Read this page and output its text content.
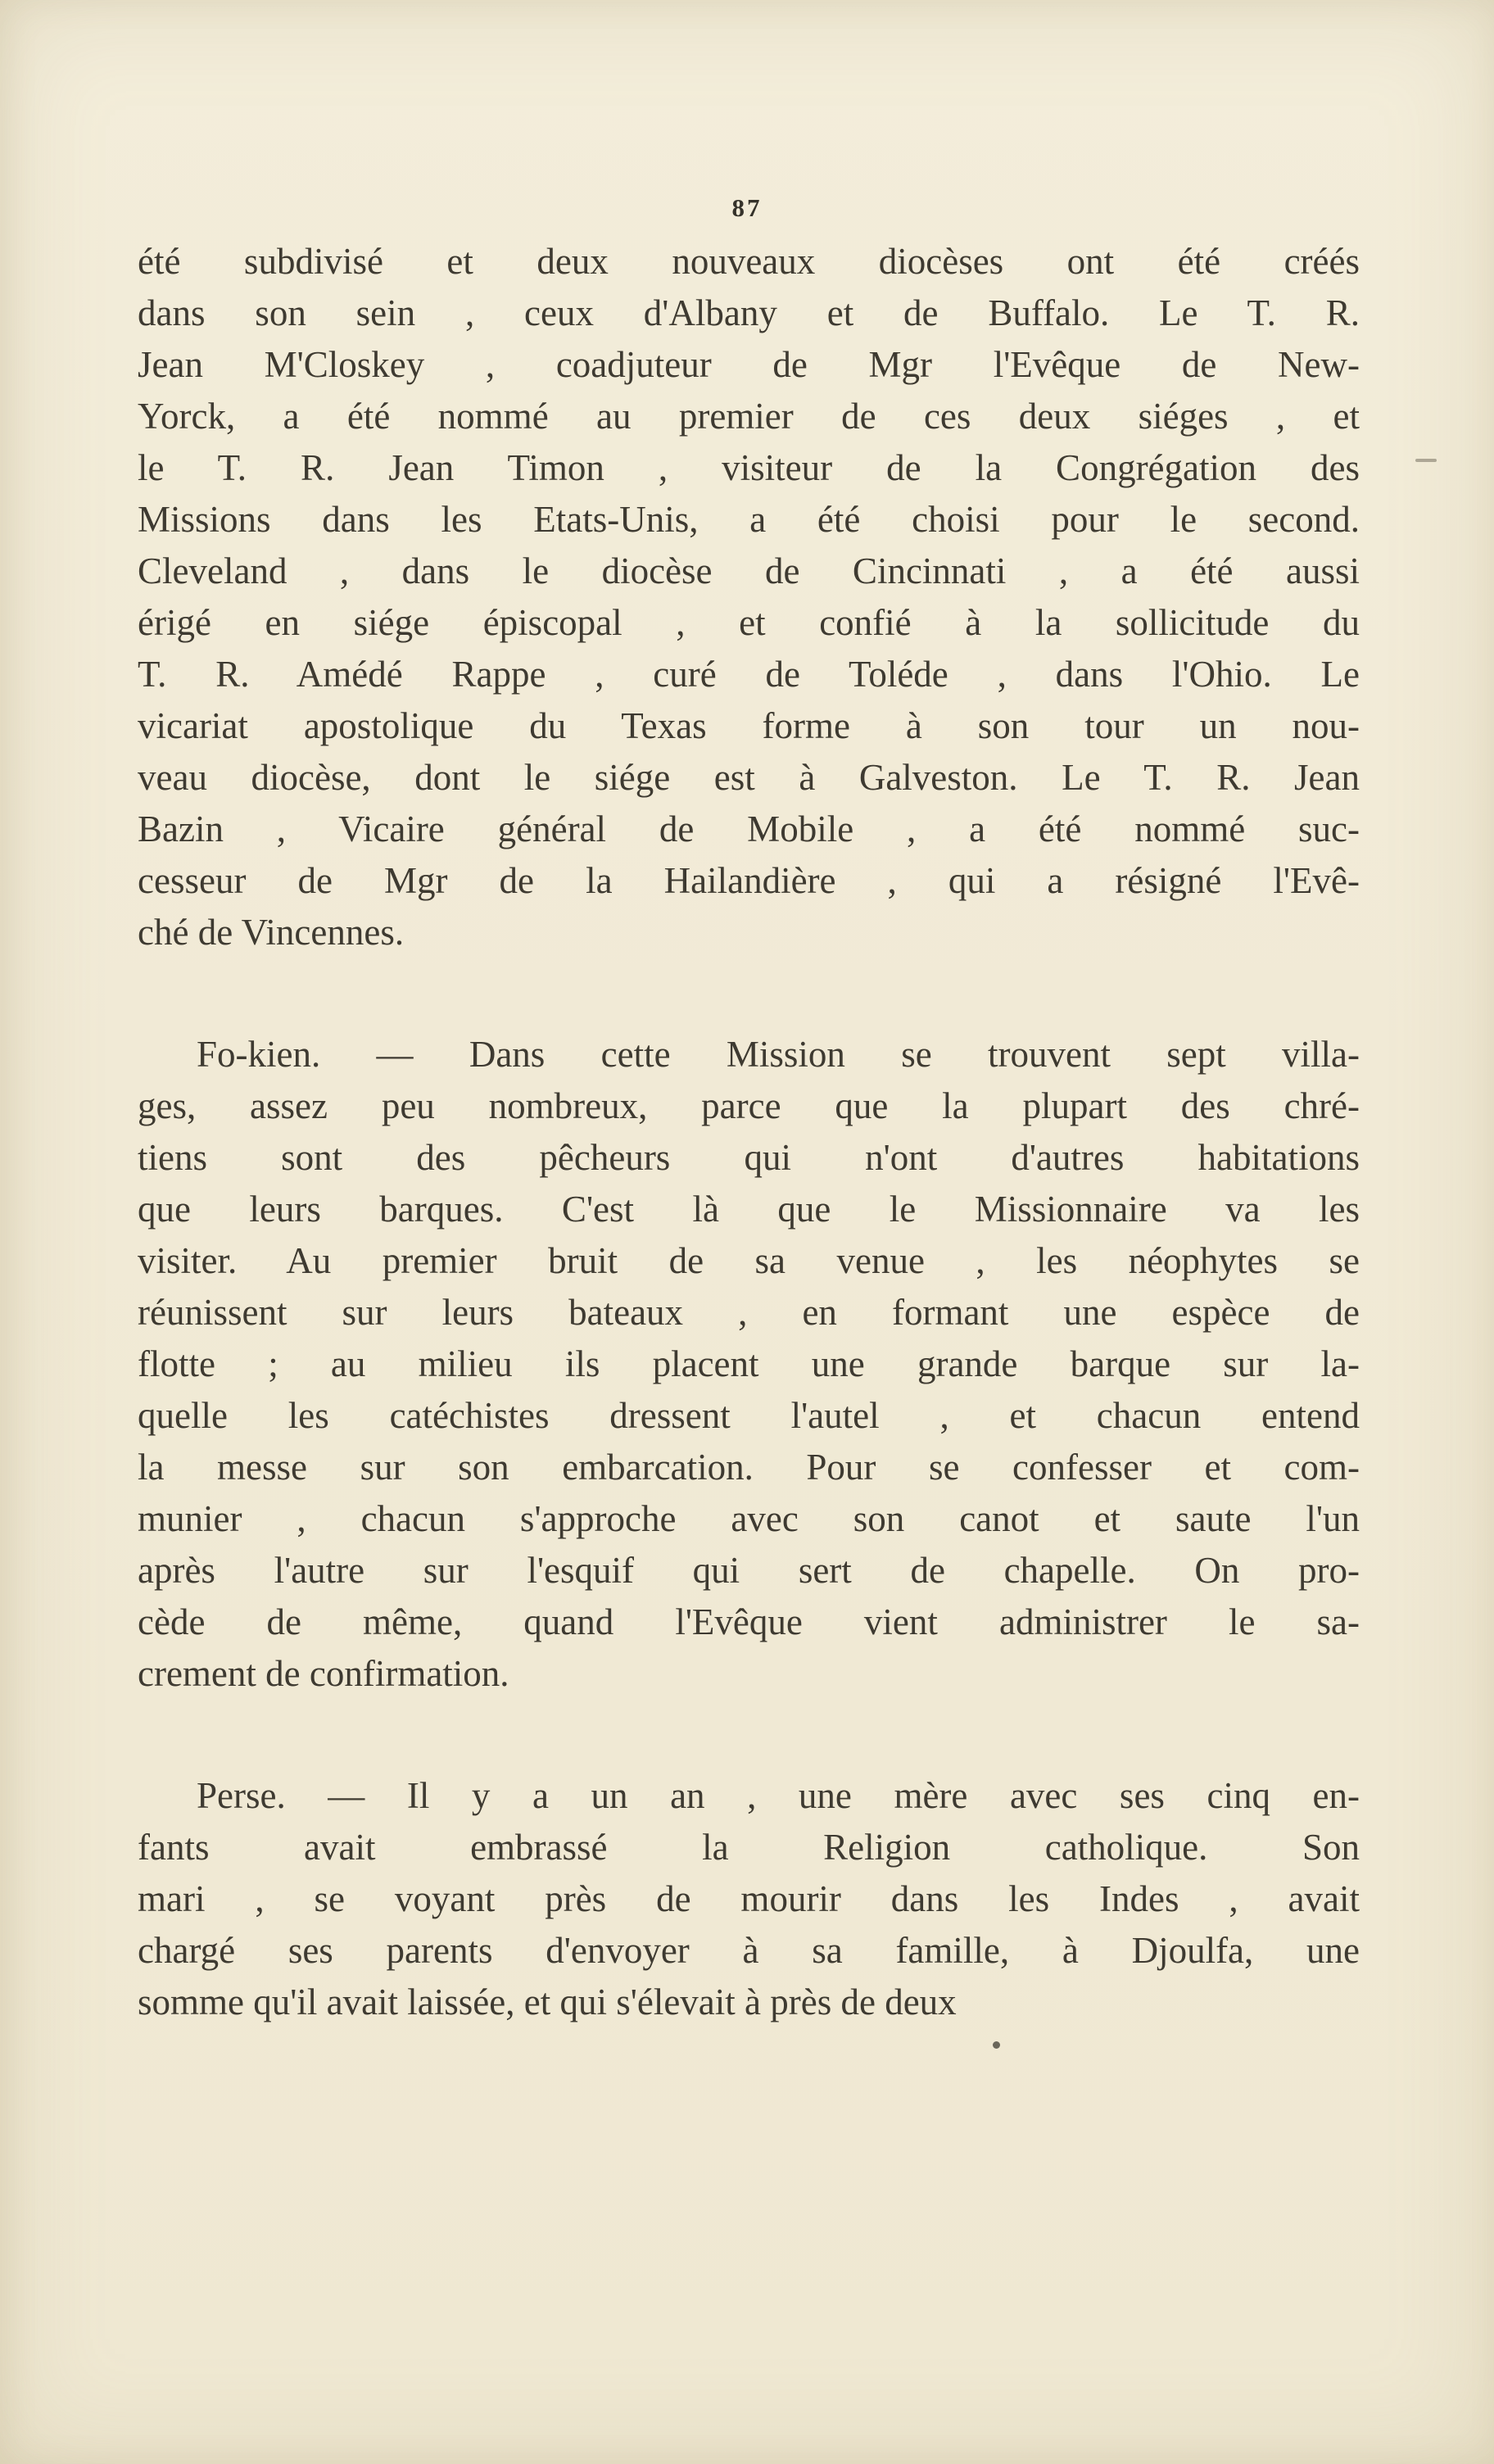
87
été subdivisé et deux nouveaux diocèses ont été créés
dans son sein , ceux d'Albany et de Buffalo. Le T. R.
Jean M'Closkey , coadjuteur de Mgr l'Evêque de New-
Yorck, a été nommé au premier de ces deux siéges , et
le T. R. Jean Timon , visiteur de la Congrégation des
Missions dans les Etats-Unis, a été choisi pour le second.
Cleveland , dans le diocèse de Cincinnati , a été aussi
érigé en siége épiscopal , et confié à la sollicitude du
T. R. Amédé Rappe , curé de Toléde , dans l'Ohio. Le
vicariat apostolique du Texas forme à son tour un nou-
veau diocèse, dont le siége est à Galveston. Le T. R. Jean
Bazin , Vicaire général de Mobile , a été nommé suc-
cesseur de Mgr de la Hailandière , qui a résigné l'Evê-
ché de Vincennes.
Fo-kien. — Dans cette Mission se trouvent sept villa-
ges, assez peu nombreux, parce que la plupart des chré-
tiens sont des pêcheurs qui n'ont d'autres habitations
que leurs barques. C'est là que le Missionnaire va les
visiter. Au premier bruit de sa venue , les néophytes se
réunissent sur leurs bateaux , en formant une espèce de
flotte ; au milieu ils placent une grande barque sur la-
quelle les catéchistes dressent l'autel , et chacun entend
la messe sur son embarcation. Pour se confesser et com-
munier , chacun s'approche avec son canot et saute l'un
après l'autre sur l'esquif qui sert de chapelle. On pro-
cède de même, quand l'Evêque vient administrer le sa-
crement de confirmation.
Perse. — Il y a un an , une mère avec ses cinq en-
fants avait embrassé la Religion catholique. Son
mari , se voyant près de mourir dans les Indes , avait
chargé ses parents d'envoyer à sa famille, à Djoulfa, une
somme qu'il avait laissée, et qui s'élevait à près de deux
